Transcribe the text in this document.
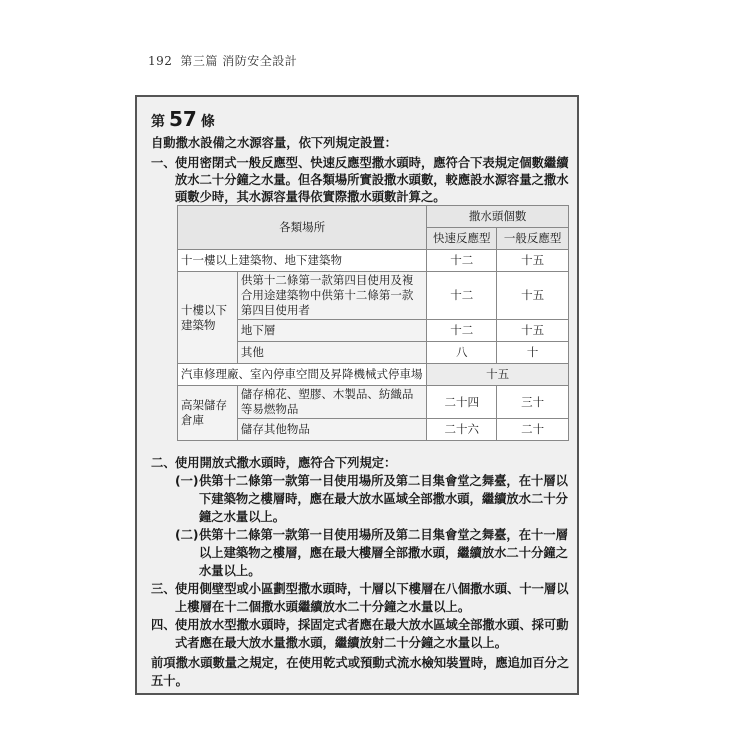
192 第三篇 消防安全設計
第 57 條
自動撒水設備之水源容量，依下列規定設置：
一、 使用密閉式一般反應型、快速反應型撒水頭時，應符合下表規定個數繼續
放水二十分鐘之水量。但各類場所實設撒水頭數，較應設水源容量之撒水
頭數少時，其水源容量得依實際撒水頭數計算之。
各類場所		撒水頭個數	
		快速反應型	一般反應型
十一樓以上建築物、地下建築物		十二	十五
十樓以下建築物	供第十二條第一款第四目使用及複合用途建築物中供第十二條第一款第四目使用者	十二	十五
	地下層	十二	十五
	其他	八	十
汽車修理廠、室內停車空間及昇降機械式停車場		十五	
高架儲存倉庫	儲存棉花、塑膠、木製品、紡織品等易燃物品	二十四	三十
	儲存其他物品	二十六	二十
二、 使用開放式撒水頭時，應符合下列規定：
(一) 供第十二條第一款第一目使用場所及第二目集會堂之舞臺，在十層以
下建築物之樓層時，應在最大放水區域全部撒水頭，繼續放水二十分
鐘之水量以上。
(二) 供第十二條第一款第一目使用場所及第二目集會堂之舞臺，在十一層
以上建築物之樓層，應在最大樓層全部撒水頭，繼續放水二十分鐘之
水量以上。
三、 使用側壁型或小區劃型撒水頭時，十層以下樓層在八個撒水頭、十一層以
上樓層在十二個撒水頭繼續放水二十分鐘之水量以上。
四、 使用放水型撒水頭時，採固定式者應在最大放水區域全部撒水頭、採可動
式者應在最大放水量撒水頭，繼續放射二十分鐘之水量以上。
前項撒水頭數量之規定，在使用乾式或預動式流水檢知裝置時，應追加百分之
五十。
